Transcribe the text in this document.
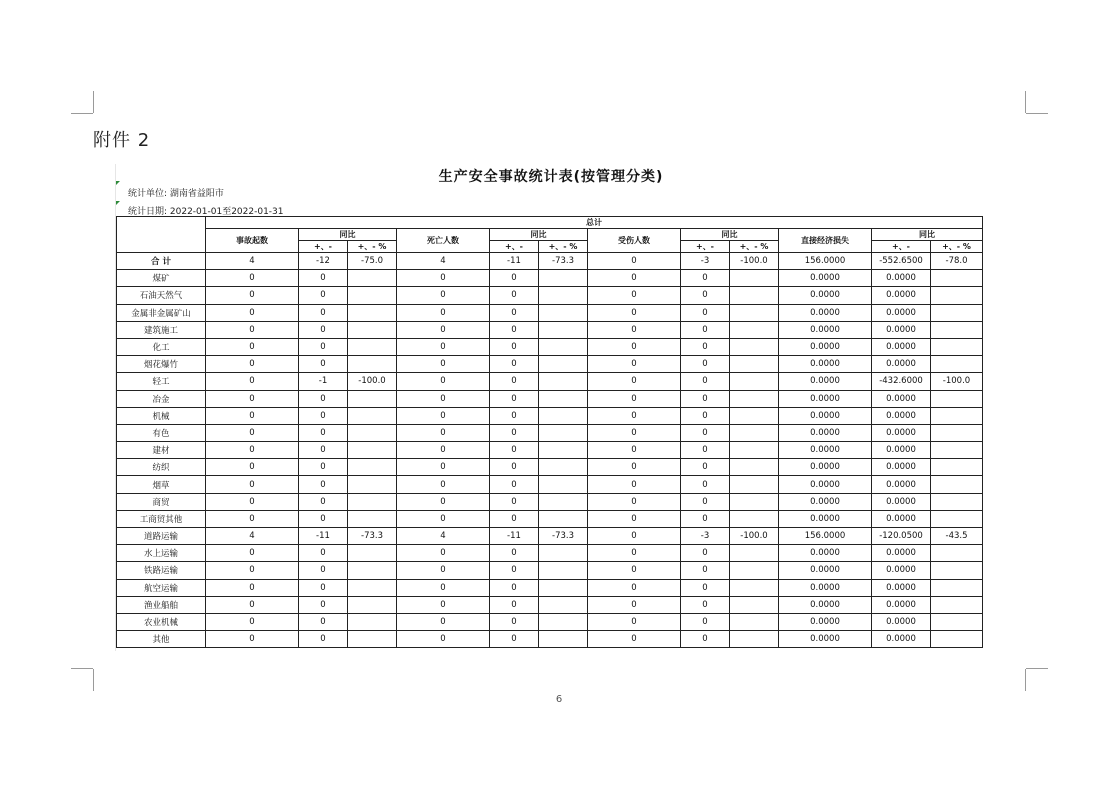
附件 2
生产安全事故统计表(按管理分类)
统计单位: 湖南省益阳市
统计日期: 2022-01-01至2022-01-31
	总计											
	事故起数	同比		死亡人数	同比		受伤人数	同比		直接经济损失	同比	
		+、-	+、- %		+、-	+、- %		+、-	+、- %		+、-	+、- %
合 计	4	-12	-75.0	4	-11	-73.3	0	-3	-100.0	156.0000	-552.6500	-78.0
煤矿	0	0		0	0		0	0		0.0000	0.0000	
石油天然气	0	0		0	0		0	0		0.0000	0.0000	
金属非金属矿山	0	0		0	0		0	0		0.0000	0.0000	
建筑施工	0	0		0	0		0	0		0.0000	0.0000	
化工	0	0		0	0		0	0		0.0000	0.0000	
烟花爆竹	0	0		0	0		0	0		0.0000	0.0000	
轻工	0	-1	-100.0	0	0		0	0		0.0000	-432.6000	-100.0
冶金	0	0		0	0		0	0		0.0000	0.0000	
机械	0	0		0	0		0	0		0.0000	0.0000	
有色	0	0		0	0		0	0		0.0000	0.0000	
建材	0	0		0	0		0	0		0.0000	0.0000	
纺织	0	0		0	0		0	0		0.0000	0.0000	
烟草	0	0		0	0		0	0		0.0000	0.0000	
商贸	0	0		0	0		0	0		0.0000	0.0000	
工商贸其他	0	0		0	0		0	0		0.0000	0.0000	
道路运输	4	-11	-73.3	4	-11	-73.3	0	-3	-100.0	156.0000	-120.0500	-43.5
水上运输	0	0		0	0		0	0		0.0000	0.0000	
铁路运输	0	0		0	0		0	0		0.0000	0.0000	
航空运输	0	0		0	0		0	0		0.0000	0.0000	
渔业船舶	0	0		0	0		0	0		0.0000	0.0000	
农业机械	0	0		0	0		0	0		0.0000	0.0000	
其他	0	0		0	0		0	0		0.0000	0.0000	
6
